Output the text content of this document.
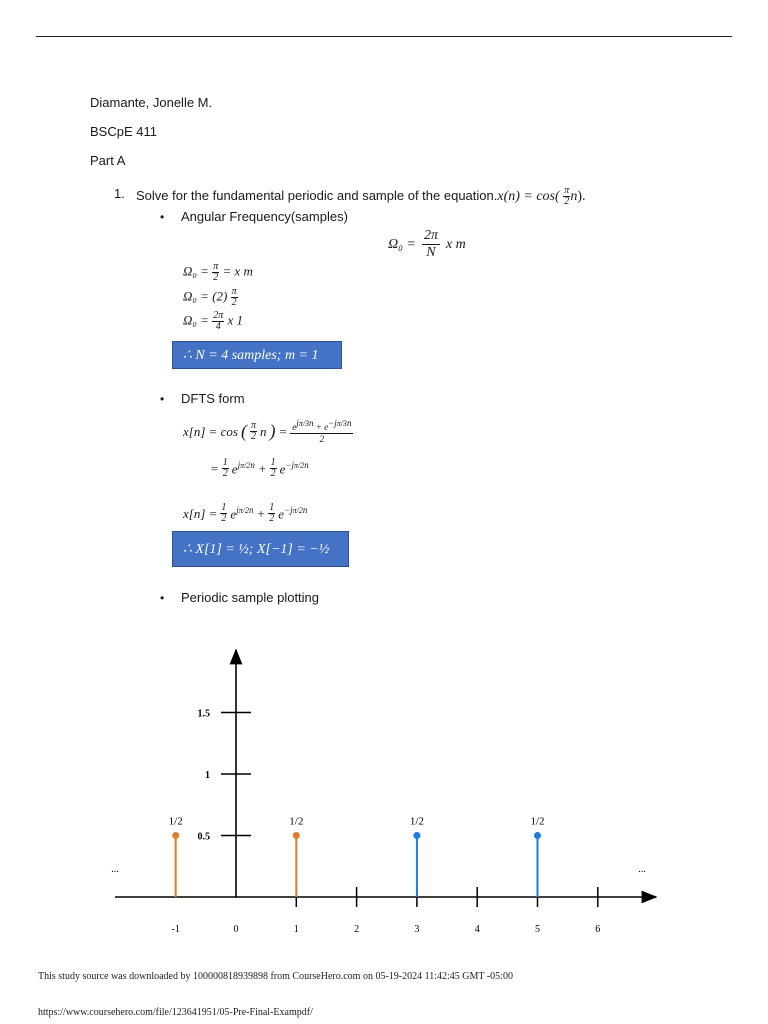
Diamante, Jonelle M.
BSCpE 411
Part A
1. Solve for the fundamental periodic and sample of the equation.x(n) = $\cos( \frac{\pi}{2} n)$.
• Angular Frequency(samples)
$\Omega_0 = \frac{2\pi}{N}$ x m
$\Omega_0 = \frac{\pi}{2} = x$ m
$\Omega_0 = (2) \frac{\pi}{2}$
$\Omega_0 = \frac{2\pi}{4}$ x 1
∴ N = 4 samples; m = 1
• DFTS form
x[n] = cos ( $\frac{\pi}{2}$ n ) = $e^{j\pi/3n} + e^{-j\pi/3n}$
2
= $\frac{1}{2} e^{j\pi/2n} + \frac{1}{2} e^{-j\pi/2n}$
$x[n] = \frac{1}{2} e^{j\pi/2n} + \frac{1}{2} e^{-j\pi/2n}$
∴ X[1] = ½; X[−1] = −½
• Periodic sample plotting
-1	0	1	2	3	4	5	6
0.5
1
1.5
1/2	1/2	1/2	1/2
...	...
This study source was downloaded by 100000818939898 from CourseHero.com on 05-19-2024 11:42:45 GMT -05:00
https://www.coursehero.com/file/123641951/05-Pre-Final-Exampdf/
